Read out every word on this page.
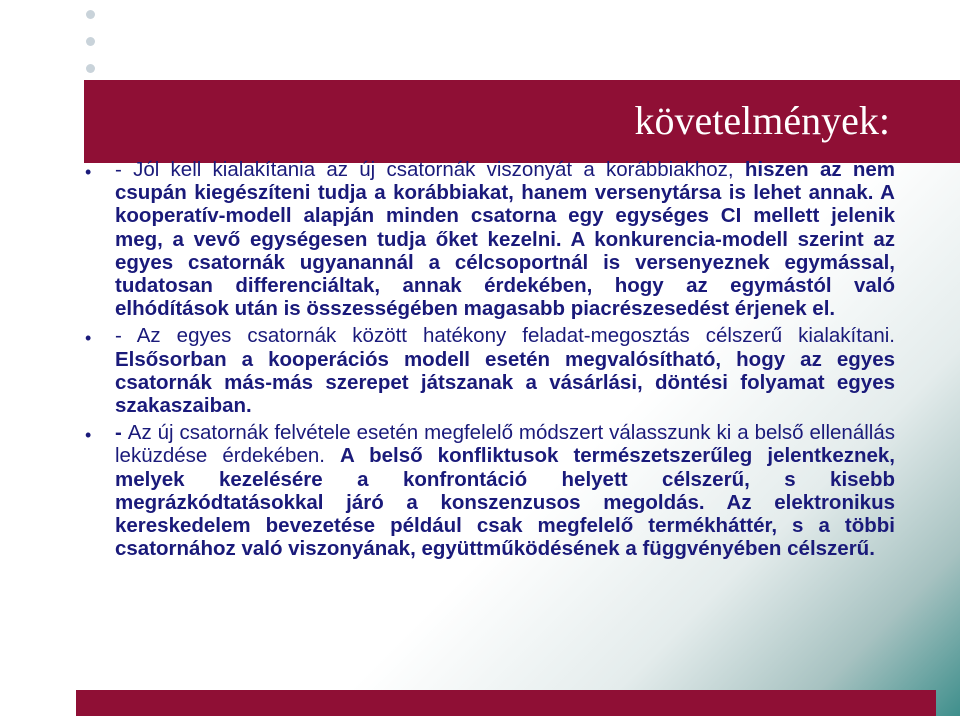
követelmények:
• - Jól kell kialakítania az új csatornák viszonyát a korábbiakhoz, hiszen az nem csupán kiegészíteni tudja a korábbiakat, hanem versenytársa is lehet annak. A kooperatív-modell alapján minden csatorna egy egységes CI mellett jelenik meg, a vevő egységesen tudja őket kezelni. A konkurencia-modell szerint az egyes csatornák ugyanannál a célcsoportnál is versenyeznek egymással, tudatosan differenciáltak, annak érdekében, hogy az egymástól való elhódítások után is összességében magasabb piacrészesedést érjenek el.
• - Az egyes csatornák között hatékony feladat-megosztás célszerű kialakítani. Elsősorban a kooperációs modell esetén megvalósítható, hogy az egyes csatornák más-más szerepet játszanak a vásárlási, döntési folyamat egyes szakaszaiban.
• - Az új csatornák felvétele esetén megfelelő módszert válasszunk ki a belső ellenállás leküzdése érdekében. A belső konfliktusok természetszerűleg jelentkeznek, melyek kezelésére a konfrontáció helyett célszerű, s kisebb megrázkódtatásokkal járó a konszenzusos megoldás. Az elektronikus kereskedelem bevezetése például csak megfelelő termékháttér, s a többi csatornához való viszonyának, együttműködésének a függvényében célszerű.
